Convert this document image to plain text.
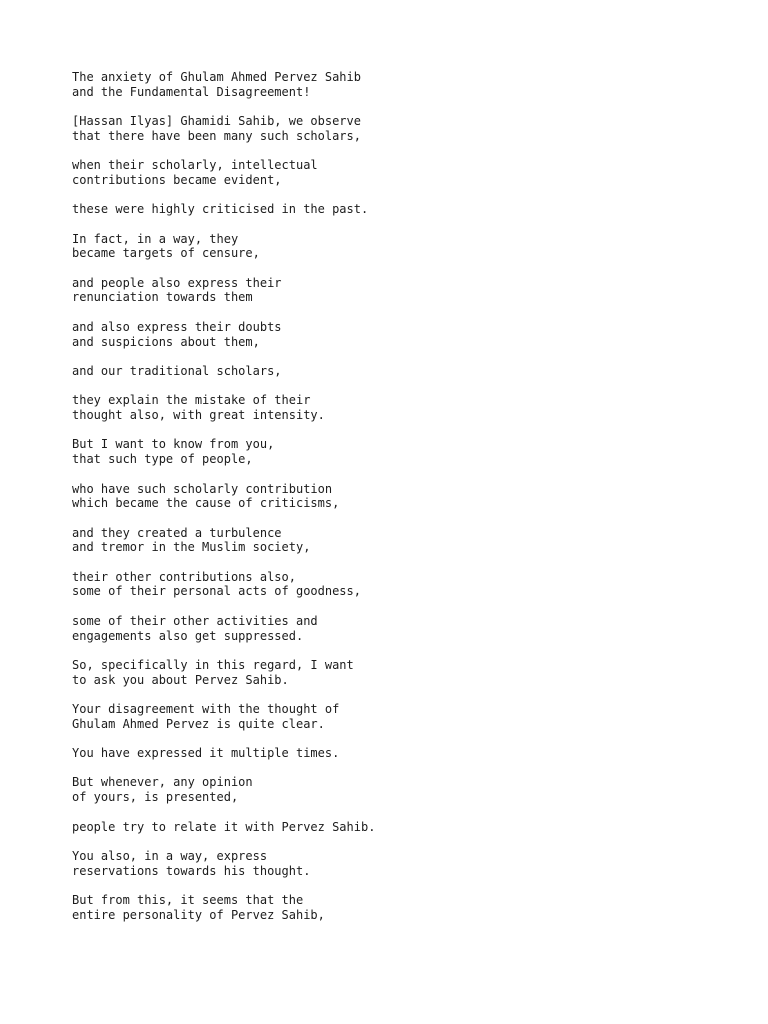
The anxiety of Ghulam Ahmed Pervez Sahib
and the Fundamental Disagreement!

[Hassan Ilyas] Ghamidi Sahib, we observe
that there have been many such scholars,

when their scholarly, intellectual
contributions became evident,

these were highly criticised in the past.

In fact, in a way, they
became targets of censure,

and people also express their
renunciation towards them

and also express their doubts
and suspicions about them,

and our traditional scholars,

they explain the mistake of their
thought also, with great intensity.

But I want to know from you,
that such type of people,

who have such scholarly contribution
which became the cause of criticisms,

and they created a turbulence
and tremor in the Muslim society,

their other contributions also,
some of their personal acts of goodness,

some of their other activities and
engagements also get suppressed.

So, specifically in this regard, I want
to ask you about Pervez Sahib.

Your disagreement with the thought of
Ghulam Ahmed Pervez is quite clear.

You have expressed it multiple times.

But whenever, any opinion
of yours, is presented,

people try to relate it with Pervez Sahib.

You also, in a way, express
reservations towards his thought.

But from this, it seems that the
entire personality of Pervez Sahib,
